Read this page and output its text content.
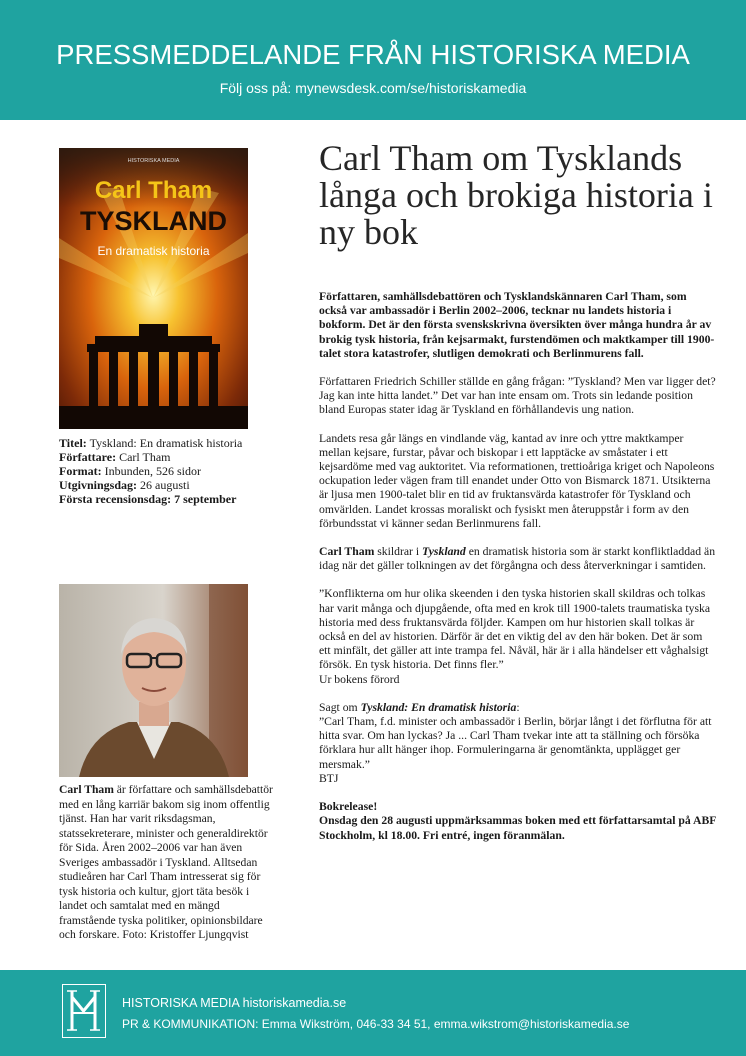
PRESSMEDDELANDE FRÅN HISTORISKA MEDIA
Följ oss på: mynewsdesk.com/se/historiskamedia
HISTORISKA MEDIA
Carl Tham
TYSKLAND
En dramatisk historia
Titel: Tyskland: En dramatisk historia
Författare: Carl Tham
Format: Inbunden, 526 sidor
Utgivningsdag: 26 augusti
Första recensionsdag: 7 september
Carl Tham är författare och samhällsdebattör med en lång karriär bakom sig inom offentlig tjänst. Han har varit riksdagsman, statssekreterare, minister och generaldirektör för Sida. Åren 2002–2006 var han även Sveriges ambassadör i Tyskland. Alltsedan studieåren har Carl Tham intresserat sig för tysk historia och kultur, gjort täta besök i landet och samtalat med en mängd framstående tyska politiker, opinionsbildare och forskare. Foto: Kristoffer Ljungqvist
Carl Tham om Tysklands långa och brokiga historia i ny bok

Författaren, samhällsdebattören och Tysklandskännaren Carl Tham, som också var ambassadör i Berlin 2002–2006, tecknar nu landets historia i bokform. Det är den första svenskskrivna översikten över många hundra år av brokig tysk historia, från kejsarmakt, furstendömen och maktkamper till 1900-talet stora katastrofer, slutligen demokrati och Berlinmurens fall.

Författaren Friedrich Schiller ställde en gång frågan: ”Tyskland? Men var ligger det? Jag kan inte hitta landet.” Det var han inte ensam om. Trots sin ledande position bland Europas stater idag är Tyskland en förhållandevis ung nation.

Landets resa går längs en vindlande väg, kantad av inre och yttre maktkamper mellan kejsare, furstar, påvar och biskopar i ett lapptäcke av småstater i ett kejsardöme med vag auktoritet. Via reformationen, trettioåriga kriget och Napoleons ockupation leder vägen fram till enandet under Otto von Bismarck 1871. Utsikterna är ljusa men 1900-talet blir en tid av fruktansvärda katastrofer för Tyskland och omvärlden. Landet krossas moraliskt och fysiskt men återuppstår i form av den förbundsstat vi känner sedan Berlinmurens fall.

Carl Tham skildrar i Tyskland en dramatisk historia som är starkt konfliktladdad än idag när det gäller tolkningen av det förgångna och dess återverkningar i samtiden.

”Konflikterna om hur olika skeenden i den tyska historien skall skildras och tolkas har varit många och djupgående, ofta med en krok till 1900-talets traumatiska tyska historia med dess fruktansvärda följder. Kampen om hur historien skall tolkas är också en del av historien. Därför är det en viktig del av den här boken. Det är som ett minfält, det gäller att inte trampa fel. Nåväl, här är i alla händelser ett våghalsigt försök. En tysk historia. Det finns fler.”
Ur bokens förord

Sagt om Tyskland: En dramatisk historia:
”Carl Tham, f.d. minister och ambassadör i Berlin, börjar långt i det förflutna för att hitta svar. Om han lyckas? Ja ... Carl Tham tvekar inte att ta ställning och försöka förklara hur allt hänger ihop. Formuleringarna är genomtänkta, upplägget ger mersmak.”
BTJ

Bokrelease!
Onsdag den 28 augusti uppmärksammas boken med ett författarsamtal på ABF Stockholm, kl 18.00. Fri entré, ingen föranmälan.

HISTORISKA MEDIA historiskamedia.se
PR & KOMMUNIKATION: Emma Wikström, 046-33 34 51, emma.wikstrom@historiskamedia.se
